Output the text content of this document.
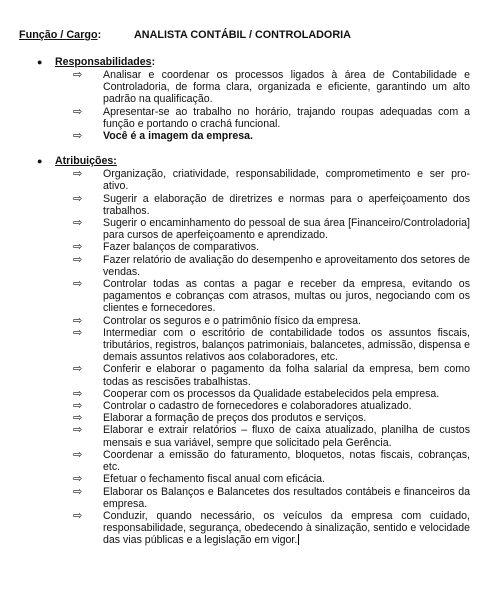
Função / Cargo:	ANALISTA CONTÁBIL / CONTROLADORIA
●	Responsabilidades :
⇨	Analisar e coordenar os processos ligados à área de Contabilidade e Controladoria, de forma clara, organizada e eficiente, garantindo um alto padrão na qualificação.
⇨	Apresentar-se ao trabalho no horário, trajando roupas adequadas com a função e portando o crachá funcional.
⇨	Você é a imagem da empresa.
●	Atribuições:
⇨	Organização, criatividade, responsabilidade, comprometimento e ser pro-ativo.
⇨	Sugerir a elaboração de diretrizes e normas para o aperfeiçoamento dos trabalhos.
⇨	Sugerir o encaminhamento do pessoal de sua área [Financeiro/Controladoria] para cursos de aperfeiçoamento e aprendizado.
⇨	Fazer balanços de comparativos.
⇨	Fazer relatório de avaliação do desempenho e aproveitamento dos setores de vendas.
⇨	Controlar todas as contas a pagar e receber da empresa, evitando os pagamentos e cobranças com atrasos, multas ou juros, negociando com os clientes e fornecedores.
⇨	Controlar os seguros e o patrimônio físico da empresa.
⇨	Intermediar com o escritório de contabilidade todos os assuntos fiscais, tributários, registros, balanços patrimoniais, balancetes, admissão, dispensa e demais assuntos relativos aos colaboradores, etc.
⇨	Conferir e elaborar o pagamento da folha salarial da empresa, bem como todas as rescisões trabalhistas.
⇨	Cooperar com os processos da Qualidade estabelecidos pela empresa.
⇨	Controlar o cadastro de fornecedores e colaboradores atualizado.
⇨	Elaborar a formação de preços dos produtos e serviços.
⇨	Elaborar e extrair relatórios – fluxo de caixa atualizado, planilha de custos mensais e sua variável, sempre que solicitado pela Gerência.
⇨	Coordenar a emissão do faturamento, bloquetos, notas fiscais, cobranças, etc.
⇨	Efetuar o fechamento fiscal anual com eficácia.
⇨	Elaborar os Balanços e Balancetes dos resultados contábeis e financeiros da empresa.
⇨	Conduzir, quando necessário, os veículos da empresa com cuidado, responsabilidade, segurança, obedecendo à sinalização, sentido e velocidade das vias públicas e a legislação em vigor.
